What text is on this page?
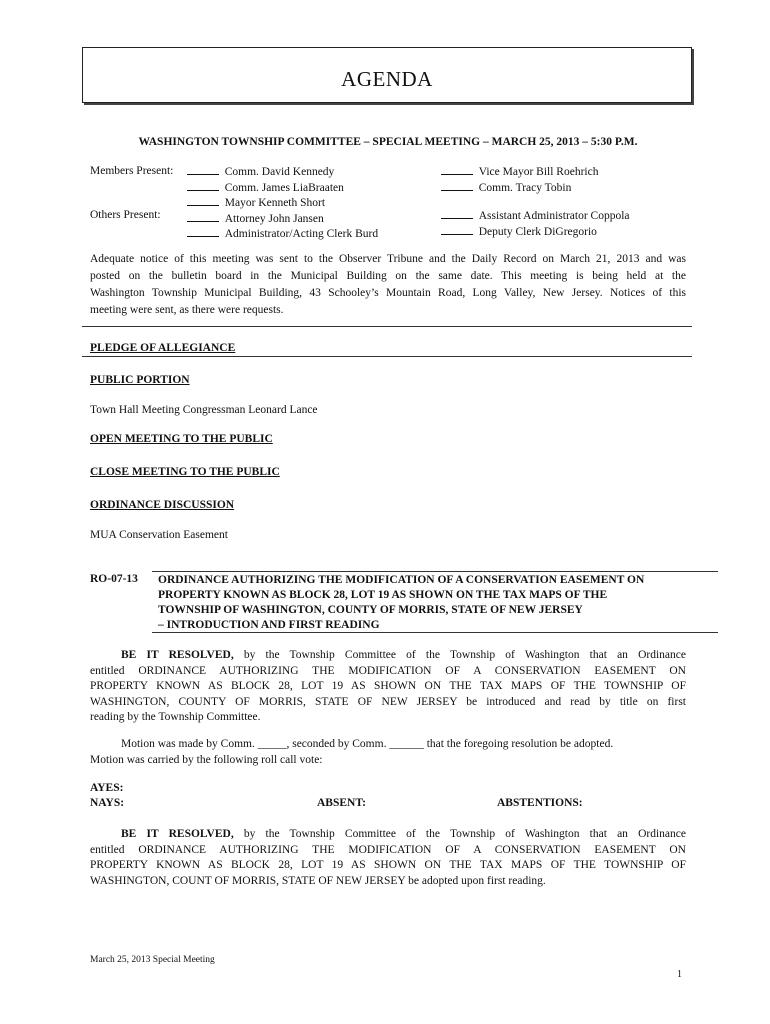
AGENDA
WASHINGTON TOWNSHIP COMMITTEE – SPECIAL MEETING – MARCH 25, 2013 – 5:30 P.M.
Members Present:
Others Present:
Comm. David Kennedy
Comm. James LiaBraaten
Mayor Kenneth Short
Attorney John Jansen
Administrator/Acting Clerk Burd
Vice Mayor Bill Roehrich
Comm. Tracy Tobin
Assistant Administrator Coppola
Deputy Clerk DiGregorio
Adequate notice of this meeting was sent to the Observer Tribune and the Daily Record on March 21, 2013 and was
posted on the bulletin board in the Municipal Building on the same date. This meeting is being held at the
Washington Township Municipal Building, 43 Schooley’s Mountain Road, Long Valley, New Jersey. Notices of this
meeting were sent, as there were requests.
PLEDGE OF ALLEGIANCE
PUBLIC PORTION
Town Hall Meeting Congressman Leonard Lance
OPEN MEETING TO THE PUBLIC
CLOSE MEETING TO THE PUBLIC
ORDINANCE DISCUSSION
MUA Conservation Easement
RO-07-13 ORDINANCE AUTHORIZING THE MODIFICATION OF A CONSERVATION EASEMENT ON
PROPERTY KNOWN AS BLOCK 28, LOT 19 AS SHOWN ON THE TAX MAPS OF THE
TOWNSHIP OF WASHINGTON, COUNTY OF MORRIS, STATE OF NEW JERSEY
– INTRODUCTION AND FIRST READING
BE IT RESOLVED, by the Township Committee of the Township of Washington that an Ordinance
entitled ORDINANCE AUTHORIZING THE MODIFICATION OF A CONSERVATION EASEMENT ON
PROPERTY KNOWN AS BLOCK 28, LOT 19 AS SHOWN ON THE TAX MAPS OF THE TOWNSHIP OF
WASHINGTON, COUNTY OF MORRIS, STATE OF NEW JERSEY be introduced and read by title on first
reading by the Township Committee.
Motion was made by Comm. _____, seconded by Comm. ______ that the foregoing resolution be adopted.
Motion was carried by the following roll call vote:
AYES:
NAYS:	ABSENT:	ABSTENTIONS:
BE IT RESOLVED, by the Township Committee of the Township of Washington that an Ordinance
entitled ORDINANCE AUTHORIZING THE MODIFICATION OF A CONSERVATION EASEMENT ON
PROPERTY KNOWN AS BLOCK 28, LOT 19 AS SHOWN ON THE TAX MAPS OF THE TOWNSHIP OF
WASHINGTON, COUNT OF MORRIS, STATE OF NEW JERSEY be adopted upon first reading.
March 25, 2013 Special Meeting
1
